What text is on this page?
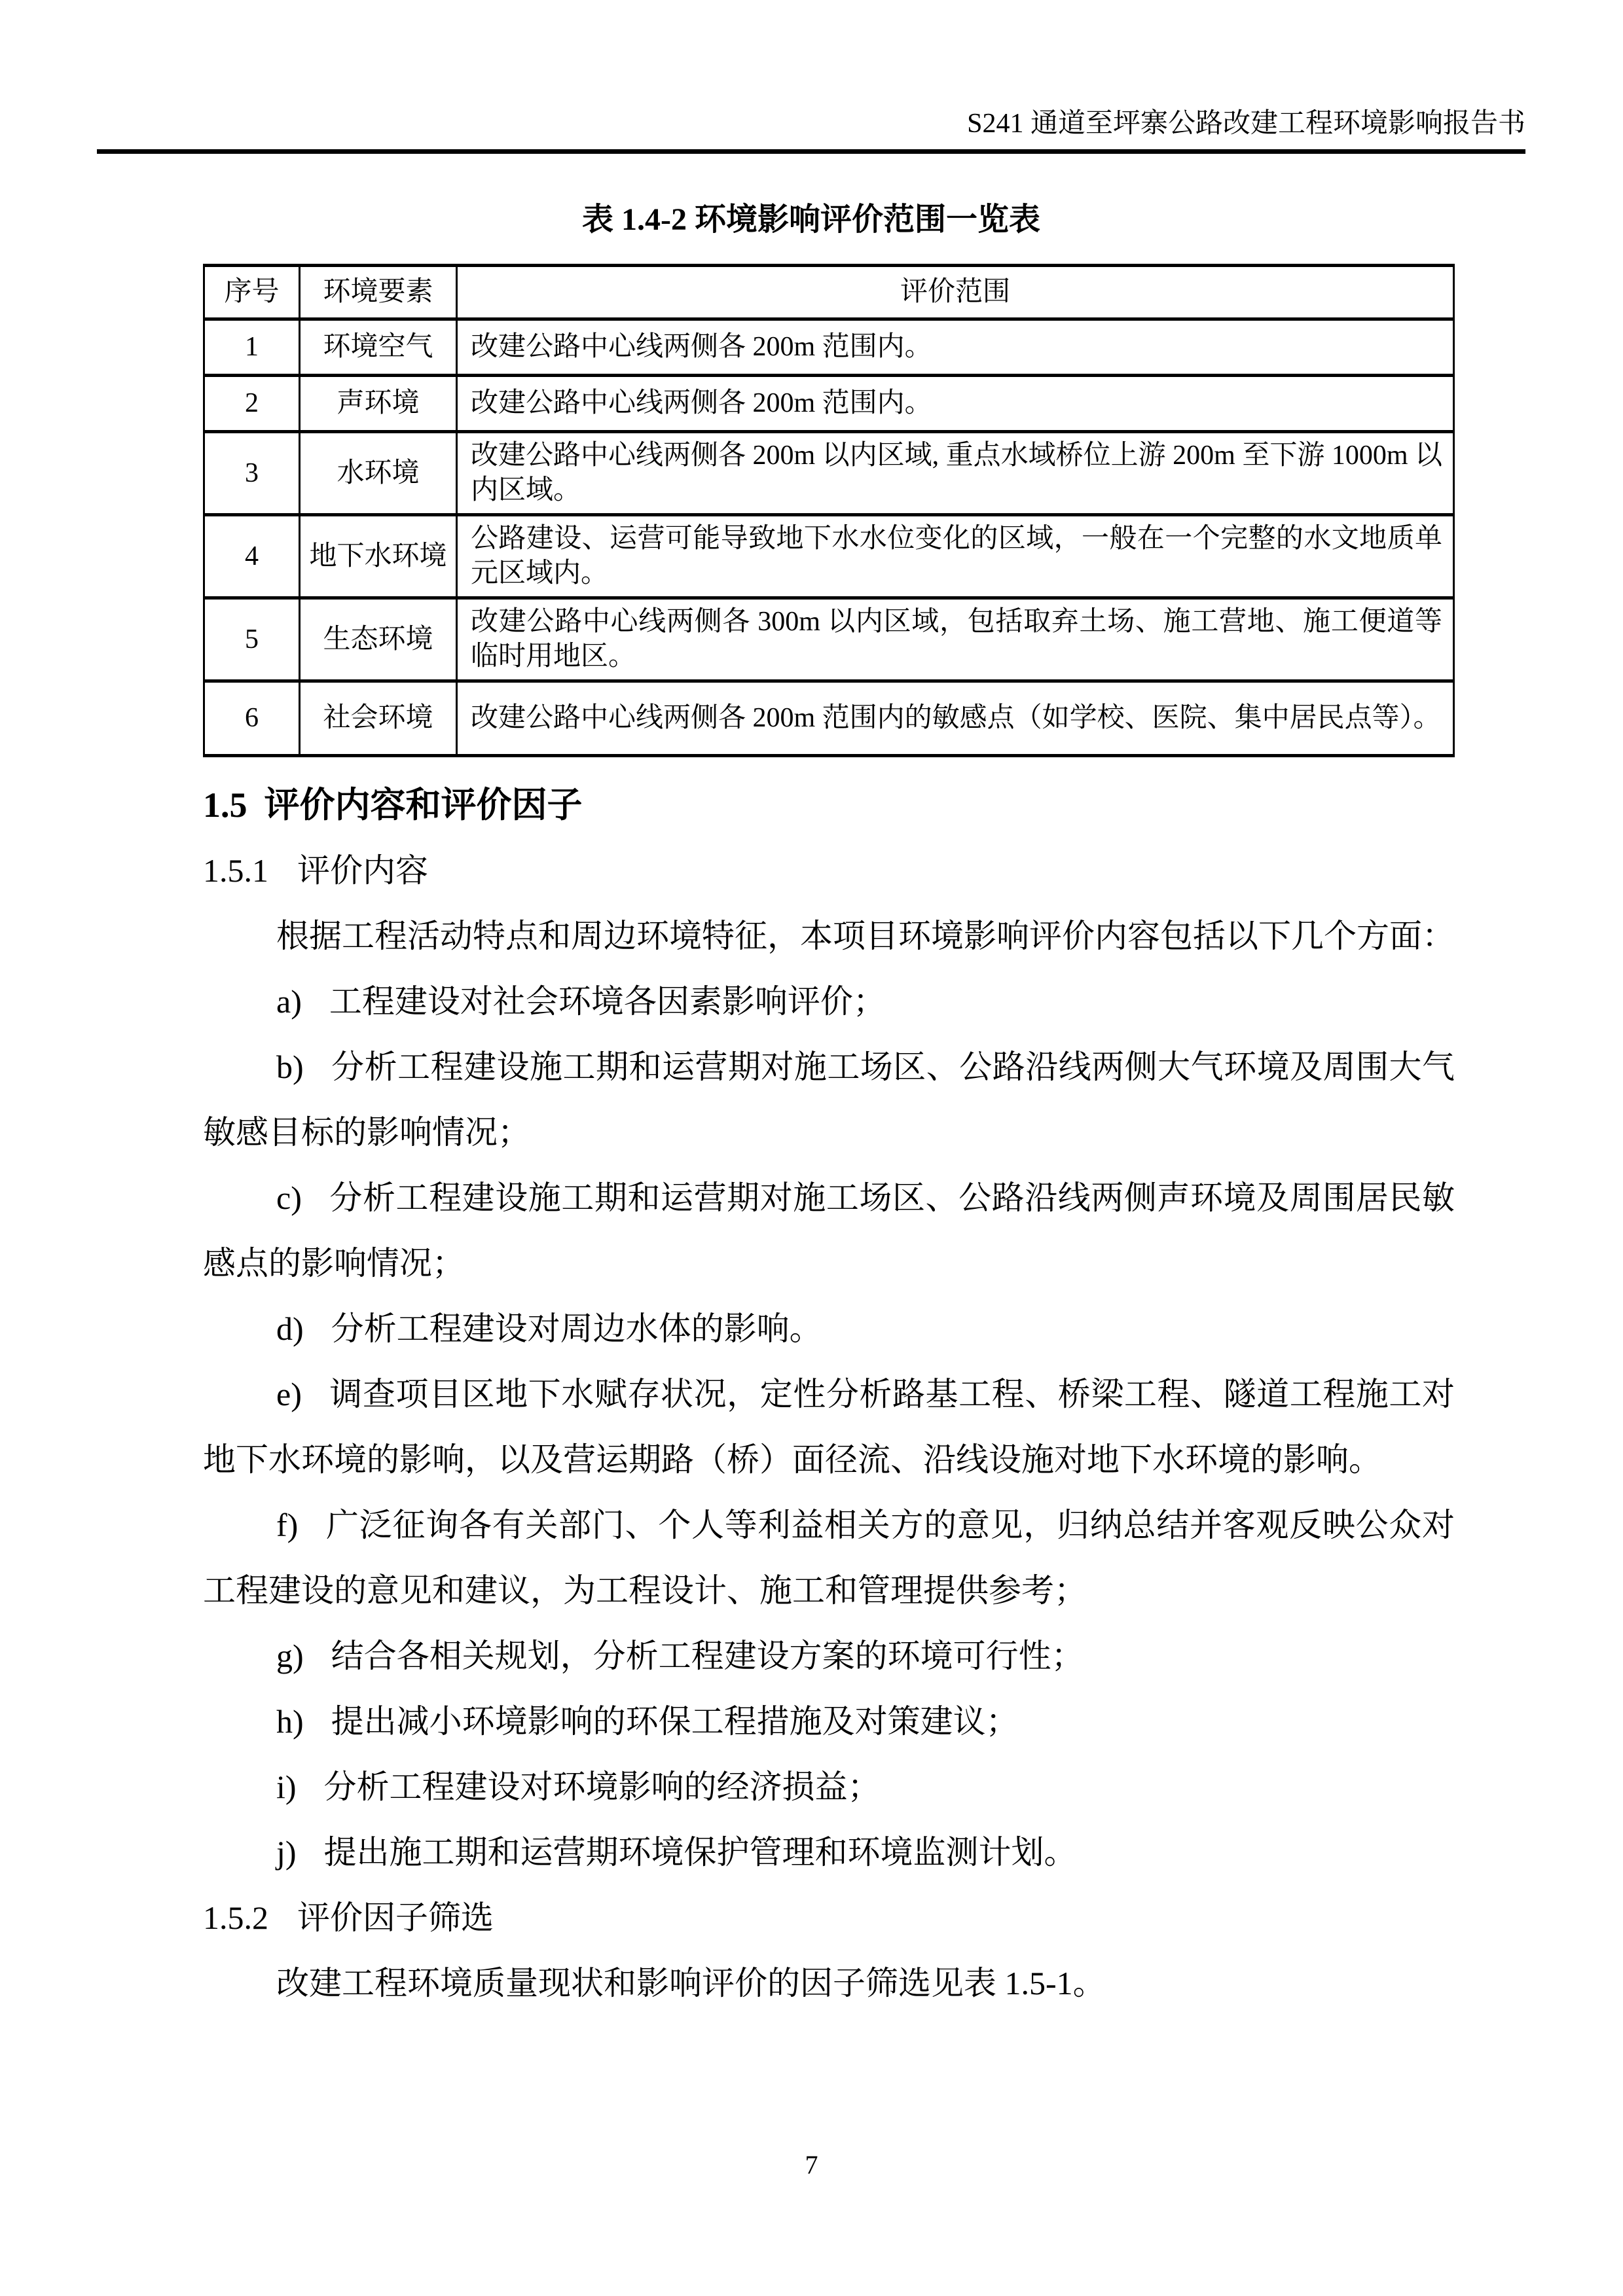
S241 通道至坪寨公路改建工程环境影响报告书
表 1.4-2 环境影响评价范围一览表
序号	环境要素	评价范围
1	环境空气	改建公路中心线两侧各 200m 范围内。
2	声环境	改建公路中心线两侧各 200m 范围内。
3	水环境	改建公路中心线两侧各 200m 以内区域, 重点水域桥位上游 200m 至下游 1000m 以内区域。
4	地下水环境	公路建设、运营可能导致地下水水位变化的区域，一般在一个完整的水文地质单元区域内。
5	生态环境	改建公路中心线两侧各 300m 以内区域，包括取弃土场、施工营地、施工便道等临时用地区。
6	社会环境	改建公路中心线两侧各 200m 范围内的敏感点（如学校、医院、集中居民点等）。
1.5 评价内容和评价因子
1.5.1 评价内容

根据工程活动特点和周边环境特征，本项目环境影响评价内容包括以下几个方面：

a) 工程建设对社会环境各因素影响评价；

b) 分析工程建设施工期和运营期对施工场区、公路沿线两侧大气环境及周围大气敏感目标的影响情况；

c) 分析工程建设施工期和运营期对施工场区、公路沿线两侧声环境及周围居民敏感点的影响情况；

d) 分析工程建设对周边水体的影响。

e) 调查项目区地下水赋存状况，定性分析路基工程、桥梁工程、隧道工程施工对地下水环境的影响，以及营运期路（桥）面径流、沿线设施对地下水环境的影响。

f) 广泛征询各有关部门、个人等利益相关方的意见，归纳总结并客观反映公众对工程建设的意见和建议，为工程设计、施工和管理提供参考；

g) 结合各相关规划，分析工程建设方案的环境可行性；

h) 提出减小环境影响的环保工程措施及对策建议；

i) 分析工程建设对环境影响的经济损益；

j) 提出施工期和运营期环境保护管理和环境监测计划。

1.5.2 评价因子筛选

改建工程环境质量现状和影响评价的因子筛选见表 1.5-1。

7
